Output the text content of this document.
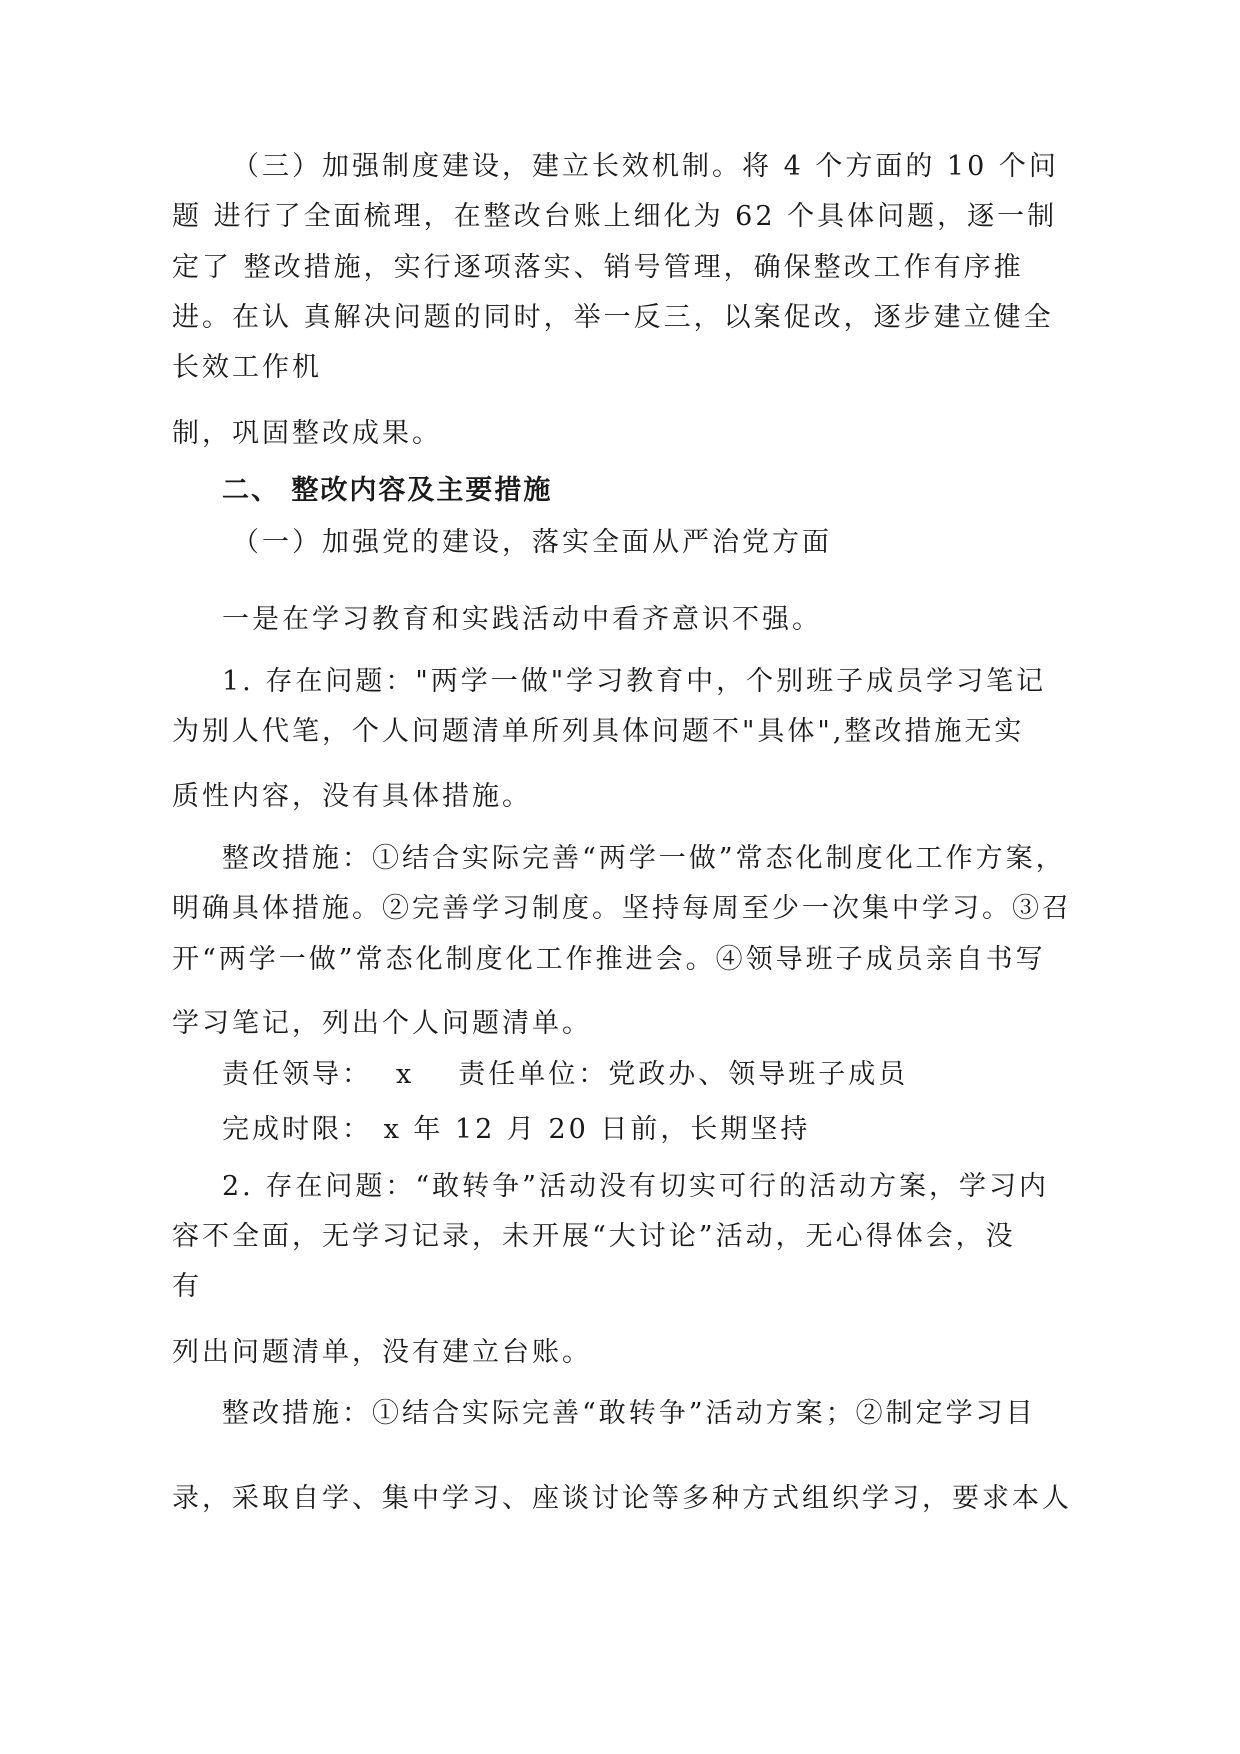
（三）加强制度建设，建立长效机制。将 4 个方面的 10 个问
题 进行了全面梳理，在整改台账上细化为 62 个具体问题，逐一制
定了 整改措施，实行逐项落实、销号管理，确保整改工作有序推
进。在认 真解决问题的同时，举一反三，以案促改，逐步建立健全
长效工作机
制，巩固整改成果。
二、 整改内容及主要措施
（一）加强党的建设，落实全面从严治党方面
一是在学习教育和实践活动中看齐意识不强。
1. 存在问题："两学一做"学习教育中，个别班子成员学习笔记
为别人代笔，个人问题清单所列具体问题不"具体",整改措施无实
质性内容，没有具体措施。
整改措施：①结合实际完善“两学一做”常态化制度化工作方案，
明确具体措施。②完善学习制度。坚持每周至少一次集中学习。③召
开“两学一做”常态化制度化工作推进会。④领导班子成员亲自书写
学习笔记，列出个人问题清单。
责任领导： x 责任单位：党政办、领导班子成员
完成时限： x 年 12 月 20 日前，长期坚持
2. 存在问题：“敢转争”活动没有切实可行的活动方案，学习内
容不全面，无学习记录，未开展“大讨论”活动，无心得体会，没
有
列出问题清单，没有建立台账。
整改措施：①结合实际完善“敢转争”活动方案；②制定学习目
录，采取自学、集中学习、座谈讨论等多种方式组织学习，要求本人
